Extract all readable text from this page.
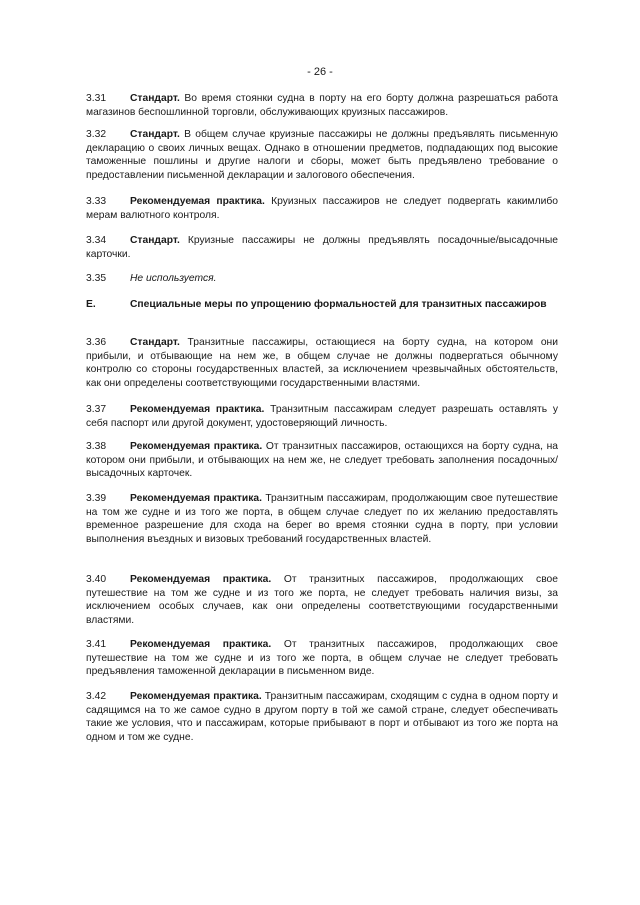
- 26 -
3.31 Стандарт. Во время стоянки судна в порту на его борту должна разрешаться работа магазинов беспошлинной торговли, обслуживающих круизных пассажиров.
3.32 Стандарт. В общем случае круизные пассажиры не должны предъявлять письменную декларацию о своих личных вещах. Однако в отношении предметов, подпадающих под высокие таможенные пошлины и другие налоги и сборы, может быть предъявлено требование о предоставлении письменной декларации и залогового обеспечения.
3.33 Рекомендуемая практика. Круизных пассажиров не следует подвергать какимлибо мерам валютного контроля.
3.34 Стандарт. Круизные пассажиры не должны предъявлять посадочные/высадочные карточки.
3.35 Не используется.
E.	Специальные меры по упрощению формальностей для транзитных пассажиров
3.36 Стандарт. Транзитные пассажиры, остающиеся на борту судна, на котором они прибыли, и отбывающие на нем же, в общем случае не должны подвергаться обычному контролю со стороны государственных властей, за исключением чрезвычайных обстоятельств, как они определены соответствующими государственными властями.
3.37 Рекомендуемая практика. Транзитным пассажирам следует разрешать оставлять у себя паспорт или другой документ, удостоверяющий личность.
3.38 Рекомендуемая практика. От транзитных пассажиров, остающихся на борту судна, на котором они прибыли, и отбывающих на нем же, не следует требовать заполнения посадочных/высадочных карточек.
3.39 Рекомендуемая практика. Транзитным пассажирам, продолжающим свое путешествие на том же судне и из того же порта, в общем случае следует по их желанию предоставлять временное разрешение для схода на берег во время стоянки судна в порту, при условии выполнения въездных и визовых требований государственных властей.
3.40 Рекомендуемая практика. От транзитных пассажиров, продолжающих свое путешествие на том же судне и из того же порта, не следует требовать наличия визы, за исключением особых случаев, как они определены соответствующими государственными властями.
3.41 Рекомендуемая практика. От транзитных пассажиров, продолжающих свое путешествие на том же судне и из того же порта, в общем случае не следует требовать предъявления таможенной декларации в письменном виде.
3.42 Рекомендуемая практика. Транзитным пассажирам, сходящим с судна в одном порту и садящимся на то же самое судно в другом порту в той же самой стране, следует обеспечивать такие же условия, что и пассажирам, которые прибывают в порт и отбывают из того же порта на одном и том же судне.
